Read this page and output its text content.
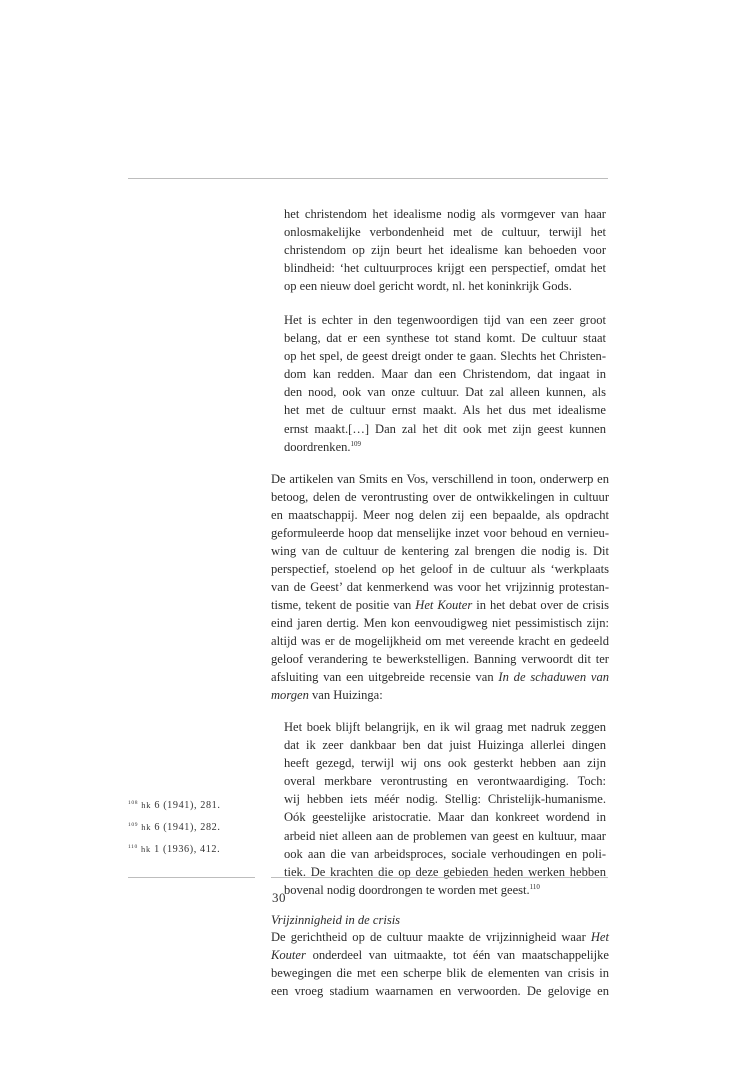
het christendom het idealisme nodig als vormgever van haar
onlosmakelijke verbondenheid met de cultuur, terwijl het
christendom op zijn beurt het idealisme kan behoeden voor
blindheid: ‘het cultuurproces krijgt een perspectief, omdat het
op een nieuw doel gericht wordt, nl. het koninkrijk Gods.
Het is echter in den tegenwoordigen tijd van een zeer groot
belang, dat er een synthese tot stand komt. De cultuur staat
op het spel, de geest dreigt onder te gaan. Slechts het Christen-
dom kan redden. Maar dan een Christendom, dat ingaat in
den nood, ook van onze cultuur. Dat zal alleen kunnen, als
het met de cultuur ernst maakt. Als het dus met idealisme
ernst maakt.[…] Dan zal het dit ook met zijn geest kunnen
doordrenken.$^{109}$
De artikelen van Smits en Vos, verschillend in toon, onderwerp en
betoog, delen de verontrusting over de ontwikkelingen in cultuur
en maatschappij. Meer nog delen zij een bepaalde, als opdracht
geformuleerde hoop dat menselijke inzet voor behoud en vernieu-
wing van de cultuur de kentering zal brengen die nodig is. Dit
perspectief, stoelend op het geloof in de cultuur als ‘werkplaats
van de Geest’ dat kenmerkend was voor het vrijzinnig protestan-
tisme, tekent de positie van Het Kouter in het debat over de crisis
eind jaren dertig. Men kon eenvoudigweg niet pessimistisch zijn:
altijd was er de mogelijkheid om met vereende kracht en gedeeld
geloof verandering te bewerkstelligen. Banning verwoordt dit ter
afsluiting van een uitgebreide recensie van In de schaduwen van
morgen van Huizinga:
Het boek blijft belangrijk, en ik wil graag met nadruk zeggen
dat ik zeer dankbaar ben dat juist Huizinga allerlei dingen
heeft gezegd, terwijl wij ons ook gesterkt hebben aan zijn
overal merkbare verontrusting en verontwaardiging. Toch:
wij hebben iets méér nodig. Stellig: Christelijk-humanisme.
Oók geestelijke aristocratie. Maar dan konkreet wordend in
arbeid niet alleen aan de problemen van geest en kultuur, maar
ook aan die van arbeidsproces, sociale verhoudingen en poli-
tiek. De krachten die op deze gebieden heden werken hebben
bovenal nodig doordrongen te worden met geest.$^{110}$

Vrijzinnigheid in de crisis

De gerichtheid op de cultuur maakte de vrijzinnigheid waar Het
Kouter onderdeel van uitmaakte, tot één van maatschappelijke
bewegingen die met een scherpe blik de elementen van crisis in
een vroeg stadium waarnamen en verwoorden. De gelovige en

$^{108}$ hk 6 (1941), 281.

$^{109}$ hk 6 (1941), 282.

$^{110}$ hk 1 (1936), 412.

30
